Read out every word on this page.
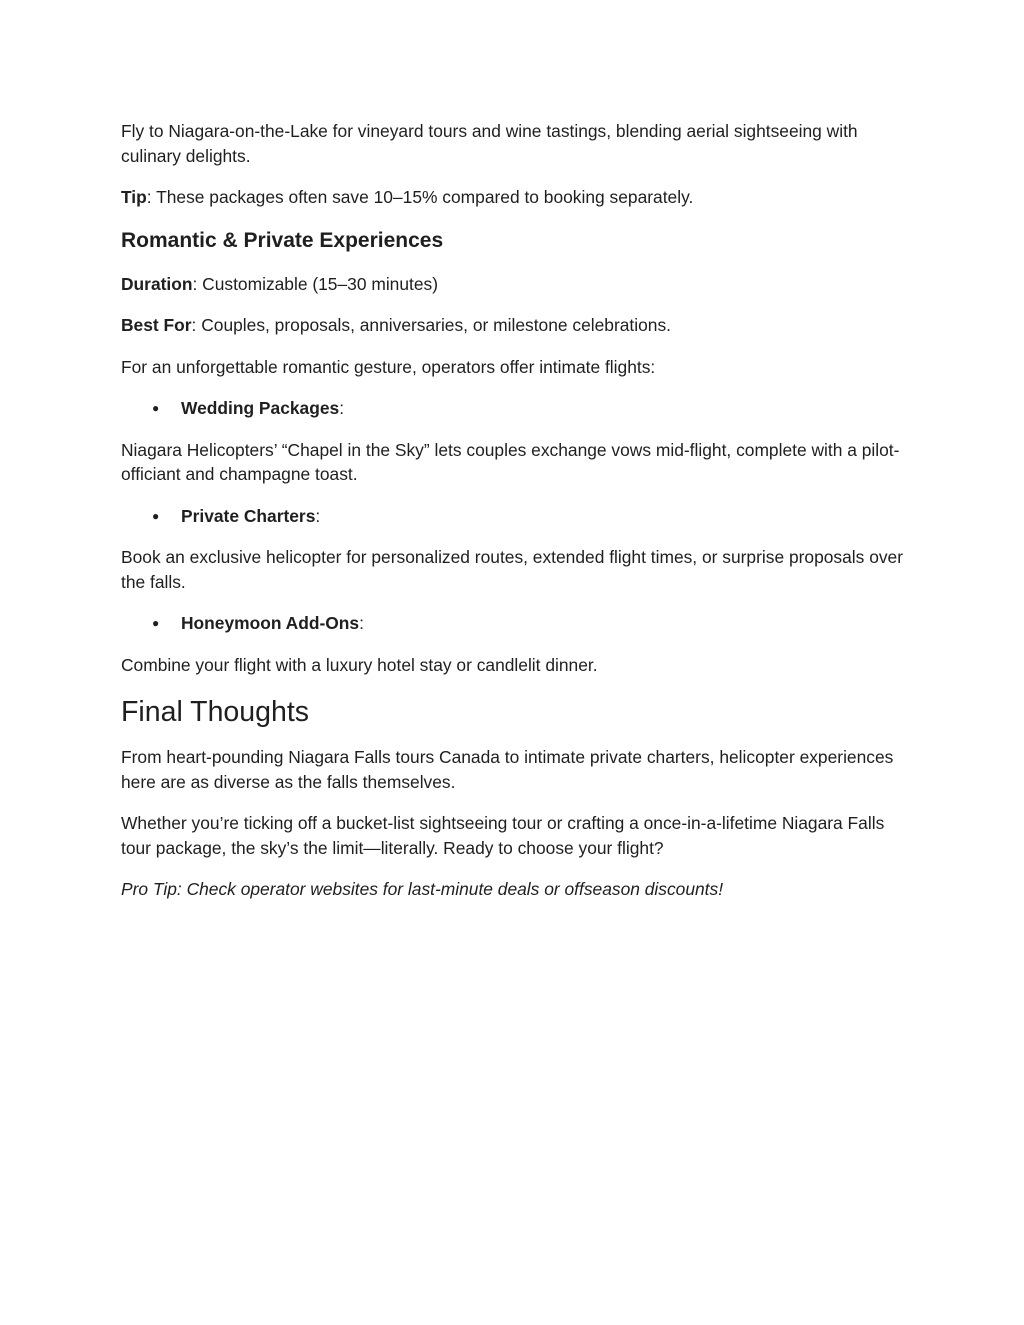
Fly to Niagara-on-the-Lake for vineyard tours and wine tastings, blending aerial sightseeing with culinary delights.

Tip: These packages often save 10–15% compared to booking separately.

Romantic & Private Experiences

Duration: Customizable (15–30 minutes)

Best For: Couples, proposals, anniversaries, or milestone celebrations.

For an unforgettable romantic gesture, operators offer intimate flights:

● Wedding Packages:

Niagara Helicopters’ “Chapel in the Sky” lets couples exchange vows mid-flight, complete with a pilot-officiant and champagne toast.

● Private Charters:

Book an exclusive helicopter for personalized routes, extended flight times, or surprise proposals over the falls.

● Honeymoon Add-Ons:

Combine your flight with a luxury hotel stay or candlelit dinner.

Final Thoughts

From heart-pounding Niagara Falls tours Canada to intimate private charters, helicopter experiences here are as diverse as the falls themselves.

Whether you’re ticking off a bucket-list sightseeing tour or crafting a once-in-a-lifetime Niagara Falls tour package, the sky’s the limit—literally. Ready to choose your flight?

Pro Tip: Check operator websites for last-minute deals or offseason discounts!
